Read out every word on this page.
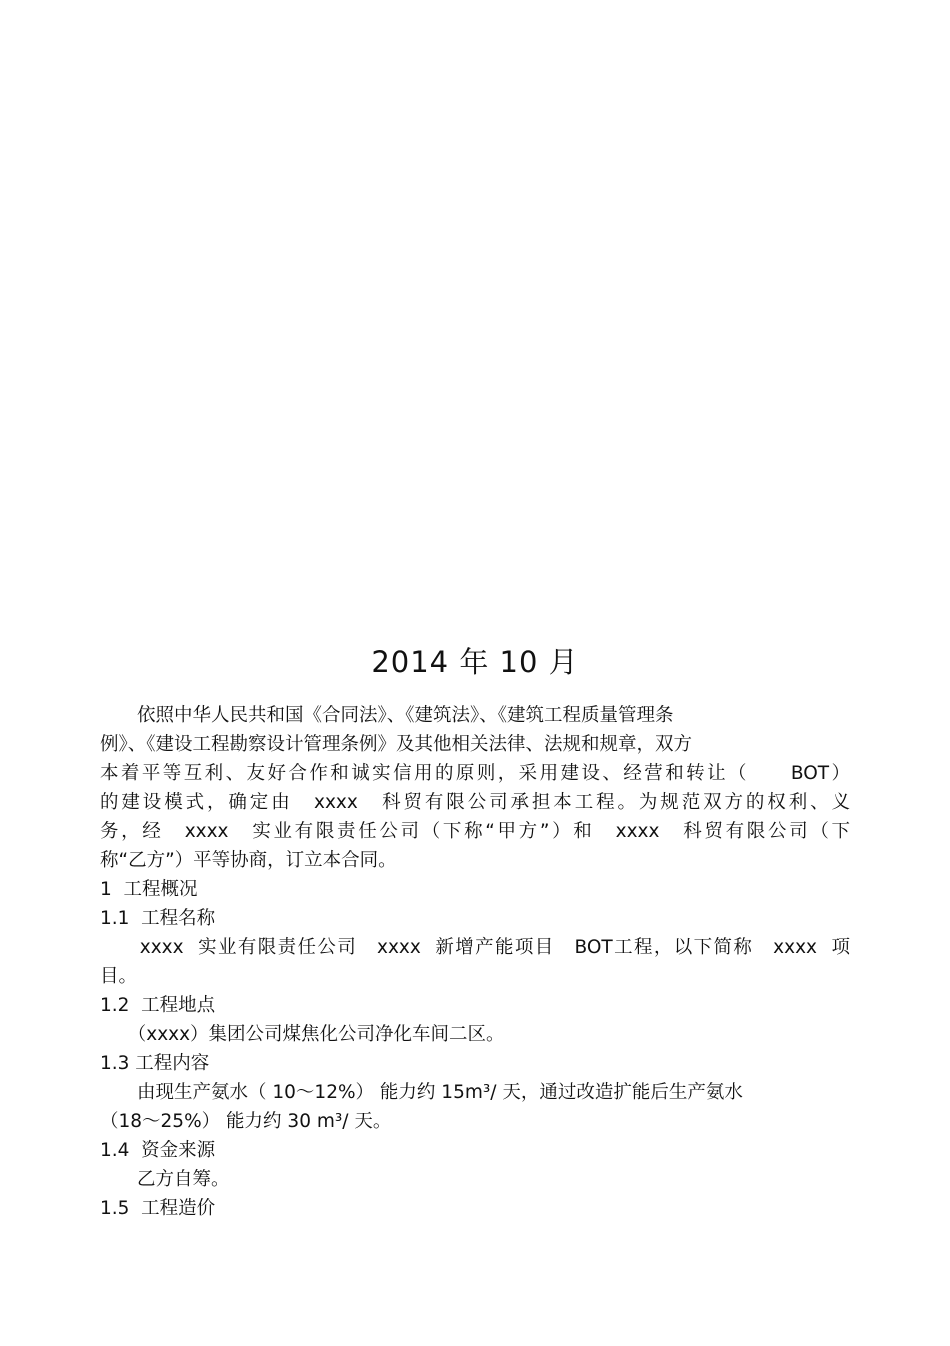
2014 年 10 月
　　依照中华人民共和国《合同法》、《建筑法》、《建筑工程质量管理条
例》、《建设工程勘察设计管理条例》及其他相关法律、法规和规章，双方
本着平等互利、友好合作和诚实信用的原则，采用建设、经营和转让（　　BOT）
的建设模式，确定由　xxxx　科贸有限公司承担本工程。为规范双方的权利、义
务，经　xxxx　实业有限责任公司（下称“甲方”）和　xxxx　科贸有限公司（下
称“乙方”）平等协商，订立本合同。
1  工程概况
1.1  工程名称
　　xxxx  实业有限责任公司　xxxx  新增产能项目　BOT工程，以下简称　xxxx  项
目。
1.2  工程地点
　　（xxxx）集团公司煤焦化公司净化车间二区。
1.3 工程内容
　　由现生产氨水（ 10～12%） 能力约 15m³/ 天，通过改造扩能后生产氨水
（18～25%） 能力约 30 m³/ 天。
1.4  资金来源
　　乙方自筹。
1.5  工程造价
